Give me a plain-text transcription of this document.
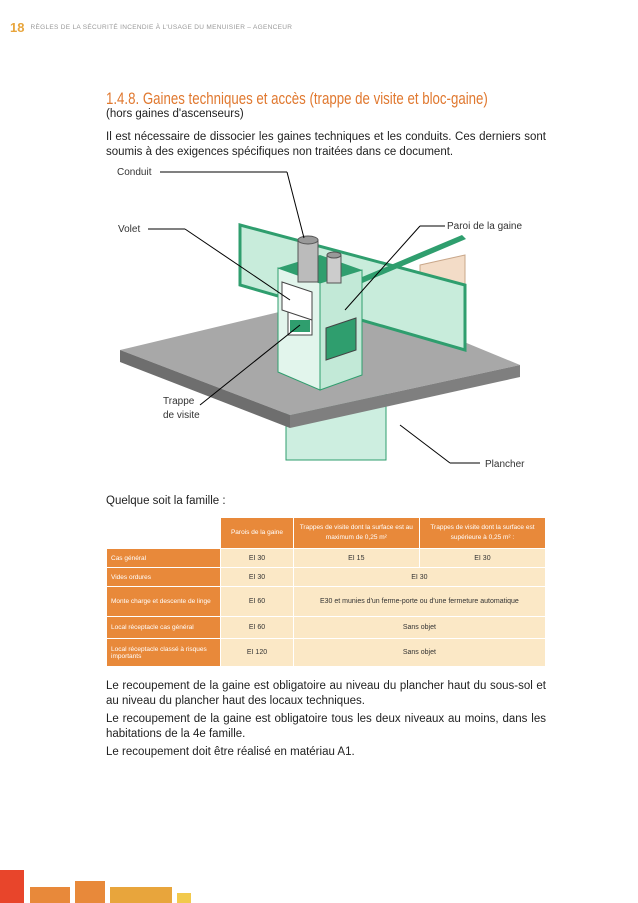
18 RÈGLES DE LA SÉCURITÉ INCENDIE À L'USAGE DU MENUISIER – AGENCEUR
1.4.8. Gaines techniques et accès (trappe de visite et bloc-gaine)
(hors gaines d'ascenseurs)
Il est nécessaire de dissocier les gaines techniques et les conduits. Ces derniers sont soumis à des exigences spécifiques non traitées dans ce document.
Conduit
Volet	Paroi de la gaine
Trappe
de visite
Plancher
Quelque soit la famille :
	Parois de la gaine	Trappes de visite dont la surface est au maximum de 0,25 m²	Trappes de visite dont la surface est supérieure à 0,25 m² :
Cas général	EI 30	EI 15	EI 30
Vides ordures	EI 30	EI 30	
Monte charge et descente de linge	EI 60	E30 et munies d'un ferme-porte ou d'une fermeture automatique	
Local réceptacle cas général	EI 60	Sans objet	
Local réceptacle classé à risques importants	EI 120	Sans objet	
Le recoupement de la gaine est obligatoire au niveau du plancher haut du sous-sol et au niveau du plancher haut des locaux techniques.
Le recoupement de la gaine est obligatoire tous les deux niveaux au moins, dans les habitations de la 4e famille.
Le recoupement doit être réalisé en matériau A1.
